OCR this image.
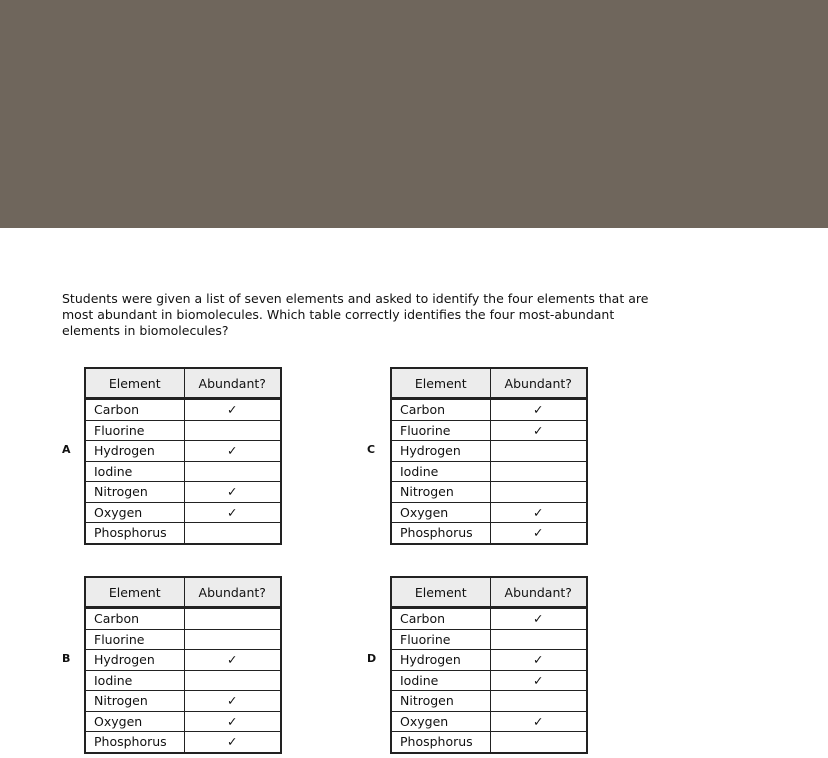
Students were given a list of seven elements and asked to identify the four elements that are most abundant in biomolecules. Which table correctly identifies the four most-abundant elements in biomolecules?

A
B
C
D
Element	Abundant?
Carbon	✓
Fluorine	
Hydrogen	✓
Iodine	
Nitrogen	✓
Oxygen	✓
Phosphorus	
Element	Abundant?
Carbon	
Fluorine	
Hydrogen	✓
Iodine	
Nitrogen	✓
Oxygen	✓
Phosphorus	✓
Element	Abundant?
Carbon	✓
Fluorine	✓
Hydrogen	
Iodine	
Nitrogen	
Oxygen	✓
Phosphorus	✓
Element	Abundant?
Carbon	✓
Fluorine	
Hydrogen	✓
Iodine	✓
Nitrogen	
Oxygen	✓
Phosphorus	
